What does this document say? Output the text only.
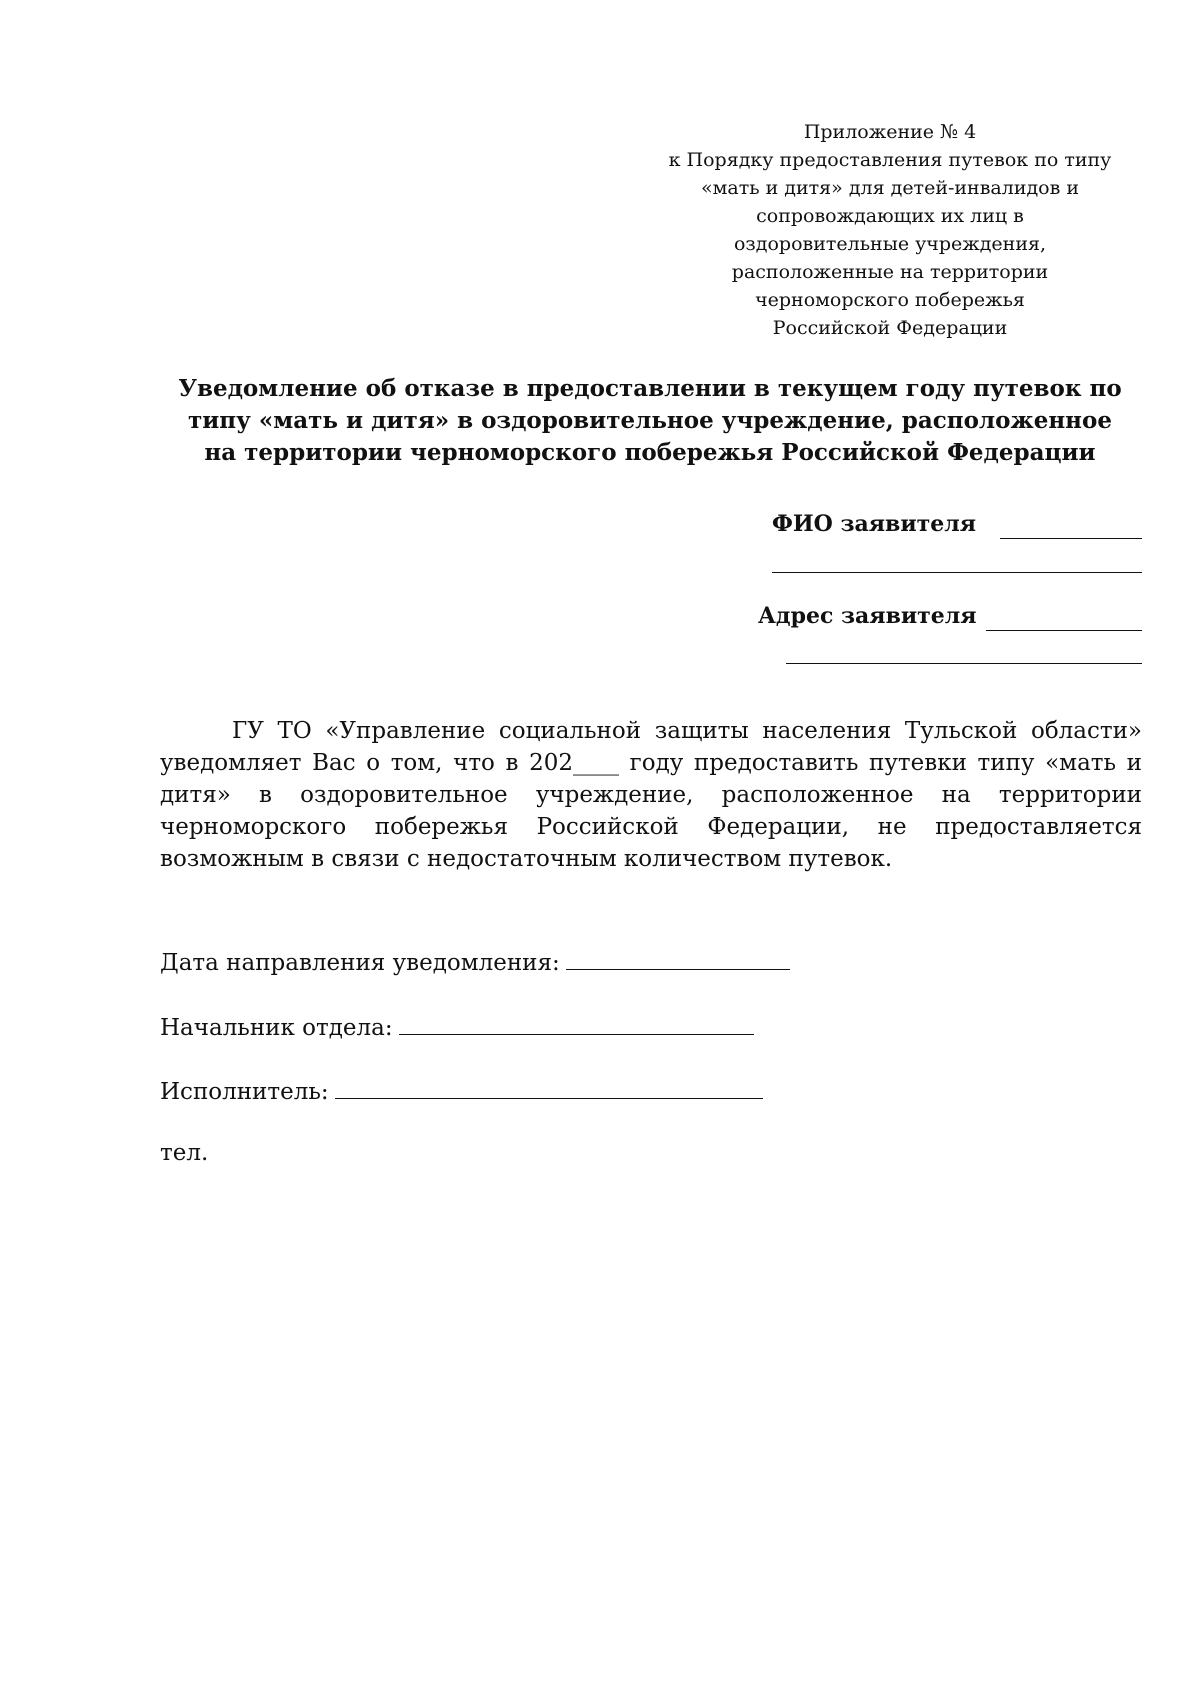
Приложение № 4
к Порядку предоставления путевок по типу
«мать и дитя» для детей-инвалидов и
сопровождающих их лиц в
оздоровительные учреждения,
расположенные на территории
черноморского побережья
Российской Федерации
Уведомление об отказе в предоставлении в текущем году путевок по
типу «мать и дитя» в оздоровительное учреждение, расположенное
на территории черноморского побережья Российской Федерации
ФИО заявителя
Адрес заявителя
ГУ ТО «Управление социальной защиты населения Тульской области» уведомляет Вас о том, что в 202____ году предоставить путевки типу «мать и дитя» в оздоровительное учреждение, расположенное на территории черноморского побережья Российской Федерации, не предоставляется возможным в связи с недостаточным количеством путевок.
Дата направления уведомления:
Начальник отдела:
Исполнитель:
тел.
